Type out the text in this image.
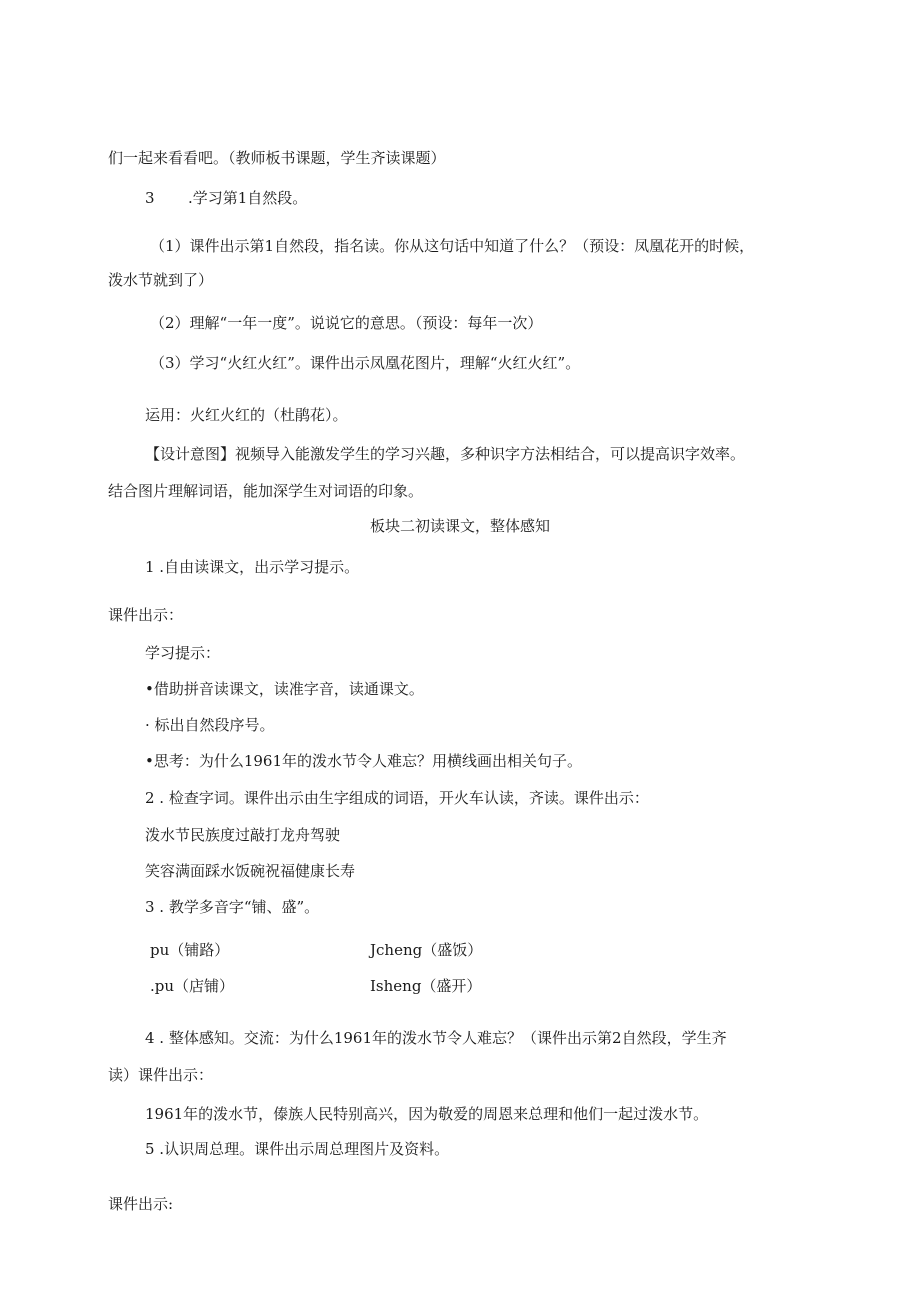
们一起来看看吧。（教师板书课题，学生齐读课题）
3 .学习第1自然段。
（1）课件出示第1自然段，指名读。你从这句话中知道了什么？（预设：凤凰花开的时候，
泼水节就到了）
（2）理解“一年一度”。说说它的意思。（预设：每年一次）
（3）学习“火红火红”。课件出示凤凰花图片，理解“火红火红”。
运用：火红火红的（杜鹃花）。
【设计意图】视频导入能激发学生的学习兴趣，多种识字方法相结合，可以提高识字效率。
结合图片理解词语，能加深学生对词语的印象。
板块二初读课文，整体感知
1 .自由读课文，出示学习提示。
课件出示：
学习提示：
•借助拼音读课文，读准字音，读通课文。
· 标出自然段序号。
•思考：为什么1961年的泼水节令人难忘？用横线画出相关句子。
2 . 检查字词。课件出示由生字组成的词语，开火车认读，齐读。课件出示：
泼水节民族度过敲打龙舟驾驶
笑容满面踩水饭碗祝福健康长寿
3 . 教学多音字“铺、盛”。
pu（铺路）	Jcheng（盛饭）
.pu（店铺）	Isheng（盛开）
4 . 整体感知。交流：为什么1961年的泼水节令人难忘？（课件出示第2自然段，学生齐
读）课件出示：
1961年的泼水节，傣族人民特别高兴，因为敬爱的周恩来总理和他们一起过泼水节。
5 .认识周总理。课件出示周总理图片及资料。
课件出示:
